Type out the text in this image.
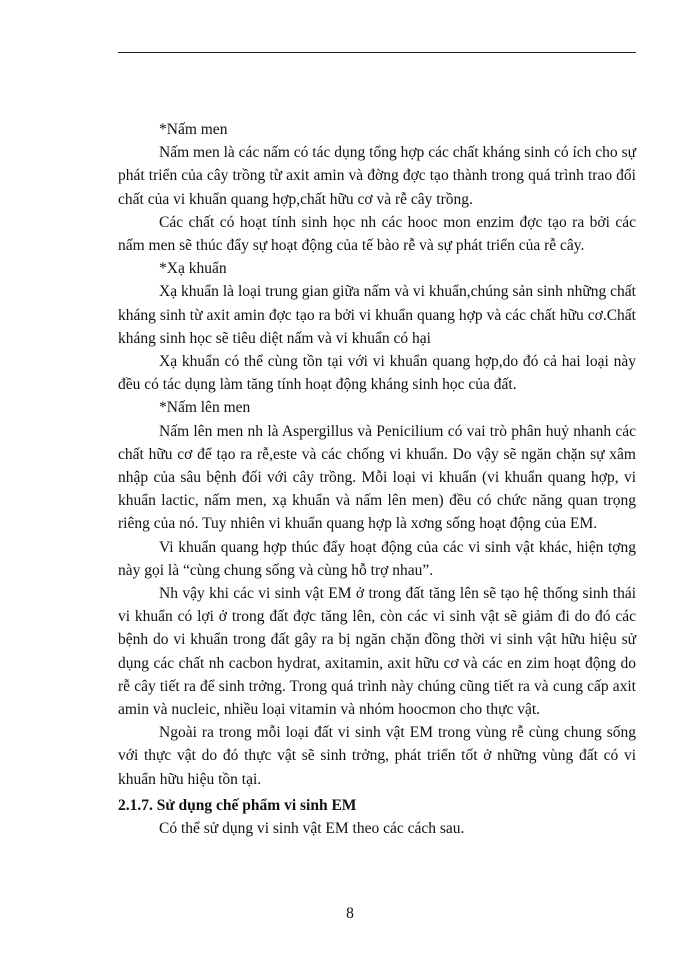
*Nấm men

Nấm men là các nấm có tác dụng tổng hợp các chất kháng sinh có ích cho sự phát triển của cây trồng từ axit amin và đờng đợc tạo thành trong quá trình trao đổi chất của vi khuẩn quang hợp,chất hữu cơ và rễ cây trồng.

Các chất có hoạt tính sinh học nh các hooc mon enzim đợc tạo ra bởi các nấm men sẽ thúc đẩy sự hoạt động của tế bào rễ và sự phát triển của rễ cây.

*Xạ khuẩn

Xạ khuẩn là loại trung gian giữa nấm và vi khuẩn,chúng sản sinh những chất kháng sinh từ axit amin đợc tạo ra bởi vi khuẩn quang hợp và các chất hữu cơ.Chất kháng sinh học sẽ tiêu diệt nấm và vi khuẩn có hại

Xạ khuẩn có thể cùng tồn tại với vi khuẩn quang hợp,do đó cả hai loại này đều có tác dụng làm tăng tính hoạt động kháng sinh học của đất.

*Nấm lên men

Nấm lên men nh là Aspergillus và Penicilium có vai trò phân huỷ nhanh các chất hữu cơ để tạo ra rễ,este và các chống vi khuẩn. Do vậy sẽ ngăn chặn sự xâm nhập của sâu bệnh đối với cây trồng. Mỗi loại vi khuẩn (vi khuẩn quang hợp, vi khuẩn lactic, nấm men, xạ khuẩn và nấm lên men) đều có chức năng quan trọng riêng của nó. Tuy nhiên vi khuẩn quang hợp là xơng sống hoạt động của EM.

Vi khuẩn quang hợp thúc đẩy hoạt động của các vi sinh vật khác, hiện tợng này gọi là “cùng chung sống và cùng hỗ trợ nhau”.

Nh vậy khi các vi sinh vật EM ở trong đất tăng lên sẽ tạo hệ thống sinh thái vi khuẩn có lợi ở trong đất đợc tăng lên, còn các vi sinh vật sẽ giảm đi do đó các bệnh do vi khuẩn trong đất gây ra bị ngăn chặn đồng thời vi sinh vật hữu hiệu sử dụng các chất nh cacbon hydrat, axitamin, axit hữu cơ và các en zim hoạt động do rễ cây tiết ra để sinh trởng. Trong quá trình này chúng cũng tiết ra và cung cấp axit amin và nucleic, nhiều loại vitamin và nhóm hoocmon cho thực vật.

Ngoài ra trong mỗi loại đất vi sinh vật EM trong vùng rễ cùng chung sống với thực vật do đó thực vật sẽ sinh trởng, phát triển tốt ở những vùng đất có vi khuẩn hữu hiệu tồn tại.

2.1.7. Sử dụng chế phẩm vi sinh EM

Có thể sử dụng vi sinh vật EM theo các cách sau.

8
